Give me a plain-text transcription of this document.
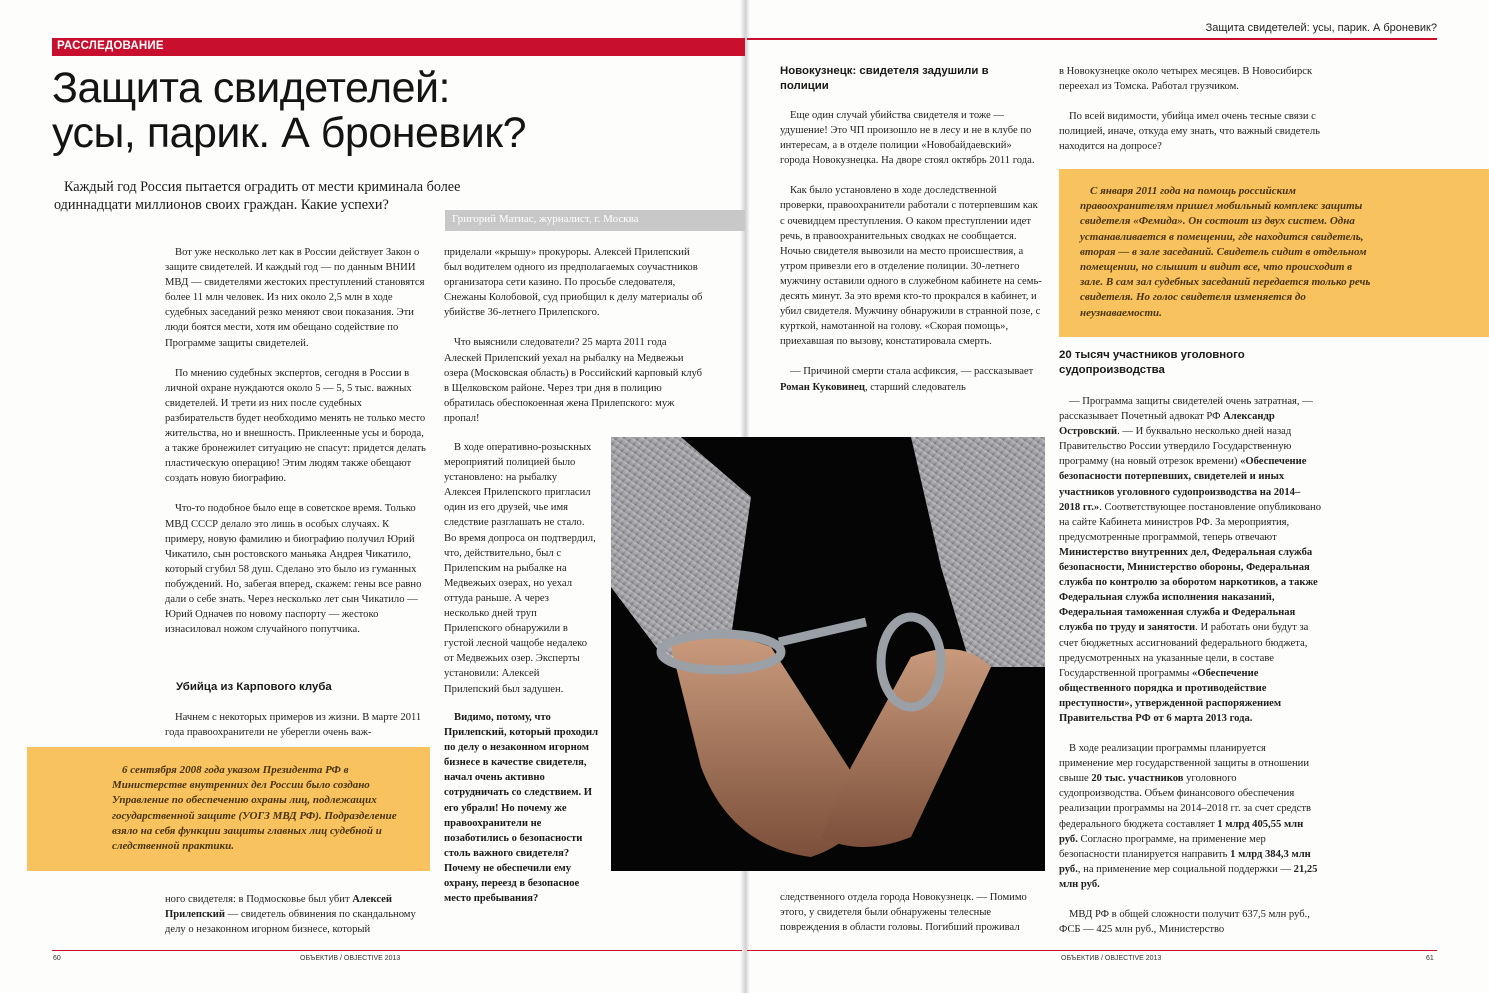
РАССЛЕДОВАНИЕ
Защита свидетелей:
усы, парик. А броневик?
Каждый год Россия пытается оградить от мести криминала более одиннадцати миллионов своих граждан. Какие успехи?
Григорий Матиас, журналист, г. Москва

Вот уже несколько лет как в России действует Закон о защите свидетелей. И каждый год — по данным ВНИИ МВД — свидетелями жестоких преступлений становятся более 11 млн человек. Из них около 2,5 млн в ходе судебных заседаний резко меняют свои показания. Эти люди боятся мести, хотя им обещано содействие по Программе защиты свидетелей.

По мнению судебных экспертов, сегодня в России в личной охране нуждаются около 5 — 5, 5 тыс. важных свидетелей. И трети из них после судебных разбирательств будет необходимо менять не только место жительства, но и внешность. Приклеенные усы и борода, а также бронежилет ситуацию не спасут: придется делать пластическую операцию! Этим людям также обещают создать новую биографию.

Что-то подобное было еще в советское время. Только МВД СССР делало это лишь в особых случаях. К примеру, новую фамилию и биографию получил Юрий Чикатило, сын ростовского маньяка Андрея Чикатило, который сгубил 58 душ. Сделано это было из гуманных побуждений. Но, забегая вперед, скажем: гены все равно дали о себе знать. Через несколько лет сын Чикатило — Юрий Одначев по новому паспорту — жестоко изнасиловал ножом случайного попутчика.

Убийца из Карпового клуба

Начнем с некоторых примеров из жизни. В марте 2011 года правоохранители не уберегли очень важ-

6 сентября 2008 года указом Президента РФ в Министерстве внутренних дел России было создано Управление по обеспечению охраны лиц, подлежащих государственной защите (УОГЗ МВД РФ). Подразделение взяло на себя функции защиты главных лиц судебной и следственной практики.
ного свидетеля: в Подмосковье был убит Алексей Прилепский — свидетель обвинения по скандальному делу о незаконном игорном бизнесе, который

приделали «крышу» прокуроры. Алексей Прилепский был водителем одного из предполагаемых соучастников организатора сети казино. По просьбе следователя, Снежаны Колобовой, суд приобщил к делу материалы об убийстве 36-летнего Прилепского.

Что выяснили следователи? 25 марта 2011 года Алеcкей Прилепский уехал на рыбалку на Медвежьи озера (Московская область) в Российский карповый клуб в Щелковском районе. Через три дня в полицию обратилась обеспокоенная жена Прилепского: муж пропал!

В ходе оперативно-розыскных мероприятий полицией было установлено: на рыбалку Алексея Прилепского пригласил один из его друзей, чье имя следствие разглашать не стало. Во время допроса он подтвердил, что, действительно, был с Прилепским на рыбалке на Медвежьих озерах, но уехал оттуда раньше. А через несколько дней труп Прилепского обнаружили в густой лесной чащобе недалеко от Медвежьих озер. Эксперты установили: Алексей Прилепский был задушен.

Видимо, потому, что Прилепский, который проходил по делу о незаконном игорном бизнесе в качестве свидетеля, начал очень активно сотрудничать со следствием. И его убрали! Но почему же правоохранители не позаботились о безопасности столь важного свидетеля? Почему не обеспечили ему охрану, переезд в безопасное место пребывания?
Защита свидетелей: усы, парик. А броневик?
Новокузнецк: свидетеля задушили в полиции

Еще один случай убийства свидетеля и тоже — удушение! Это ЧП произошло не в лесу и не в клубе по интересам, а в отделе полиции «Новобайдаевский» города Новокузнецка. На дворе стоял октябрь 2011 года.

Как было установлено в ходе доследственной проверки, правоохранители работали с потерпевшим как с очевидцем преступления. О каком преступлении идет речь, в правоохранительных сводках не сообщается. Ночью свидетеля вывозили на место происшествия, а утром привезли его в отделение полиции. 30-летнего мужчину оставили одного в служебном кабинете на семь-десять минут. За это время кто-то прокрался в кабинет, и убил свидетеля. Мужчину обнаружили в странной позе, с курткой, намотанной на голову. «Скорая помощь», приехавшая по вызову, констатировала смерть.

— Причиной смерти стала асфиксия, — рассказывает Роман Куковинец, старший следователь

следственного отдела города Новокузнецк. — Помимо этого, у свидетеля были обнаружены телесные повреждения в области головы. Погибший проживал

в Новокузнецке около четырех месяцев. В Новосибирск переехал из Томска. Работал грузчиком.

По всей видимости, убийца имел очень тесные связи с полицией, иначе, откуда ему знать, что важный свидетель находится на допросе?

С января 2011 года на помощь российским правоохранителям пришел мобильный комплекс защиты свидетеля «Фемида». Он состоит из двух систем. Одна устанавливается в помещении, где находится свидетель, вторая — в зале заседаний. Свидетель сидит в отдельном помещении, но слышит и видит все, что происходит в зале. В сам зал судебных заседаний передается только речь свидетеля. Но голос свидетеля изменяется до неузнаваемости.
20 тысяч участников уголовного судопроизводства

— Программа защиты свидетелей очень затратная, — рассказывает Почетный адвокат РФ Александр Островский. — И буквально несколько дней назад Правительство России утвердило Государственную программу (на новый отрезок времени) «Обеспечение безопасности потерпевших, свидетелей и иных участников уголовного судопроизводства на 2014–2018 гг.». Соответствующее постановление опубликовано на сайте Кабинета министров РФ. За мероприятия, предусмотренные программой, теперь отвечают Министерство внутренних дел, Федеральная служба безопасности, Министерство обороны, Федеральная служба по контролю за оборотом наркотиков, а также Федеральная служба исполнения наказаний, Федеральная таможенная служба и Федеральная служба по труду и занятости. И работать они будут за счет бюджетных ассигнований федерального бюджета, предусмотренных на указанные цели, в составе Государственной программы «Обеспечение общественного порядка и противодействие преступности», утвержденной распоряжением Правительства РФ от 6 марта 2013 года.

В ходе реализации программы планируется применение мер государственной защиты в отношении свыше 20 тыс. участников уголовного судопроизводства. Объем финансового обеспечения реализации программы на 2014–2018 гг. за счет средств федерального бюджета составляет 1 млрд 405,55 млн руб. Согласно программе, на применение мер безопасности планируется направить 1 млрд 384,3 млн руб., на применение мер социальной поддержки — 21,25 млн руб.

МВД РФ в общей сложности получит 637,5 млн руб., ФСБ — 425 млн руб., Министерство

60	ОБЪЕКТИВ / OBJECTIVE 2013	ОБЪЕКТИВ / OBJECTIVE 2013	61
